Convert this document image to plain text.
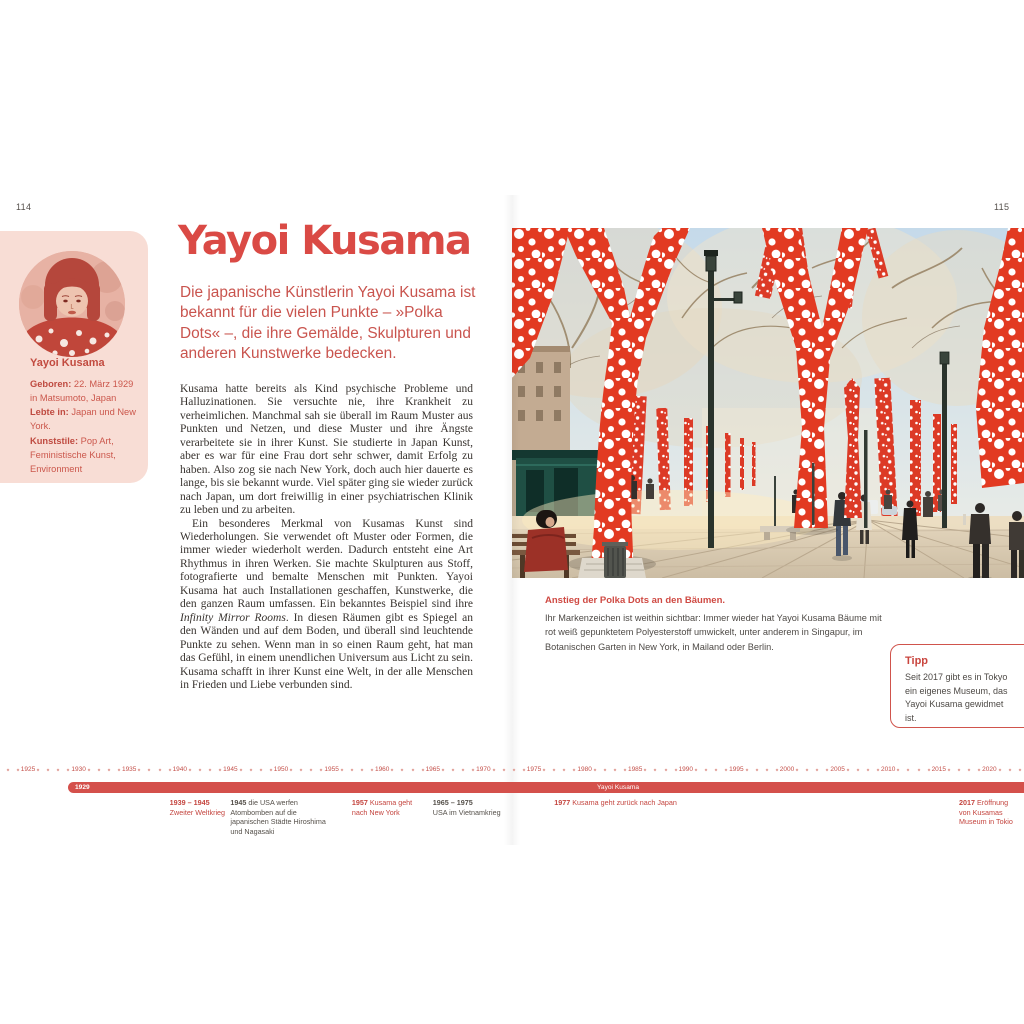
114	115
Yayoi Kusama
Geboren: 22. März 1929 in Matsumoto, Japan
Lebte in: Japan und New York.
Kunststile: Pop Art, Feministische Kunst, Environment
Yayoi Kusama

Die japanische Künstlerin Yayoi Kusama ist bekannt für die vielen Punkte – »Polka Dots« –, die ihre Gemälde, Skulpturen und anderen Kunstwerke bedecken.

Kusama hatte bereits als Kind psychische Probleme und Halluzinationen. Sie versuchte nie, ihre Krankheit zu verheimlichen. Manchmal sah sie überall im Raum Muster aus Punkten und Netzen, und diese Muster und ihre Ängste verarbeitete sie in ihrer Kunst. Sie studierte in Japan Kunst, aber es war für eine Frau dort sehr schwer, damit Erfolg zu haben. Also zog sie nach New York, doch auch hier dauerte es lange, bis sie bekannt wurde. Viel später ging sie wieder zurück nach Japan, um dort freiwillig in einer psychiatrischen Klinik zu leben und zu arbeiten.

Ein besonderes Merkmal von Kusamas Kunst sind Wiederholungen. Sie verwendet oft Muster oder Formen, die immer wieder wiederholt werden. Dadurch entsteht eine Art Rhythmus in ihren Werken. Sie machte Skulpturen aus Stoff, fotografierte und bemalte Menschen mit Punkten. Yayoi Kusama hat auch Installationen geschaffen, Kunstwerke, die den ganzen Raum umfassen. Ein bekanntes Beispiel sind ihre Infinity Mirror Rooms. In diesen Räumen gibt es Spiegel an den Wänden und auf dem Boden, und überall sind leuchtende Punkte zu sehen. Wenn man in so einen Raum geht, hat man das Gefühl, in einem unendlichen Universum aus Licht zu sein. Kusama schafft in ihrer Kunst eine Welt, in der alle Menschen in Frieden und Liebe verbunden sind.

Anstieg der Polka Dots an den Bäumen.

Ihr Markenzeichen ist weithin sichtbar: Immer wieder hat Yayoi Kusama Bäume mit rot weiß gepunktetem Polyesterstoff umwickelt, unter anderem in Singapur, im Botanischen Garten in New York, in Mailand oder Berlin.

Tipp

Seit 2017 gibt es in Tokyo ein eigenes Museum, das Yayoi Kusama gewidmet ist.

1925	1930	1935	1940	1945	1950	1955	1960	1965	1970	1975	1980	1985	1990	1995	2000	2005	2010	2015	2020
1929	Yayoi Kusama
1939 – 1945
Zweiter Weltkrieg
1945 die USA werfen Atombomben auf die japanischen Städte Hiroshima und Nagasaki
1957 Kusama geht nach New York
1965 – 1975
USA im Vietnamkrieg
1977 Kusama geht zurück nach Japan	2017 Eröffnung von Kusamas Museum in Tokio
